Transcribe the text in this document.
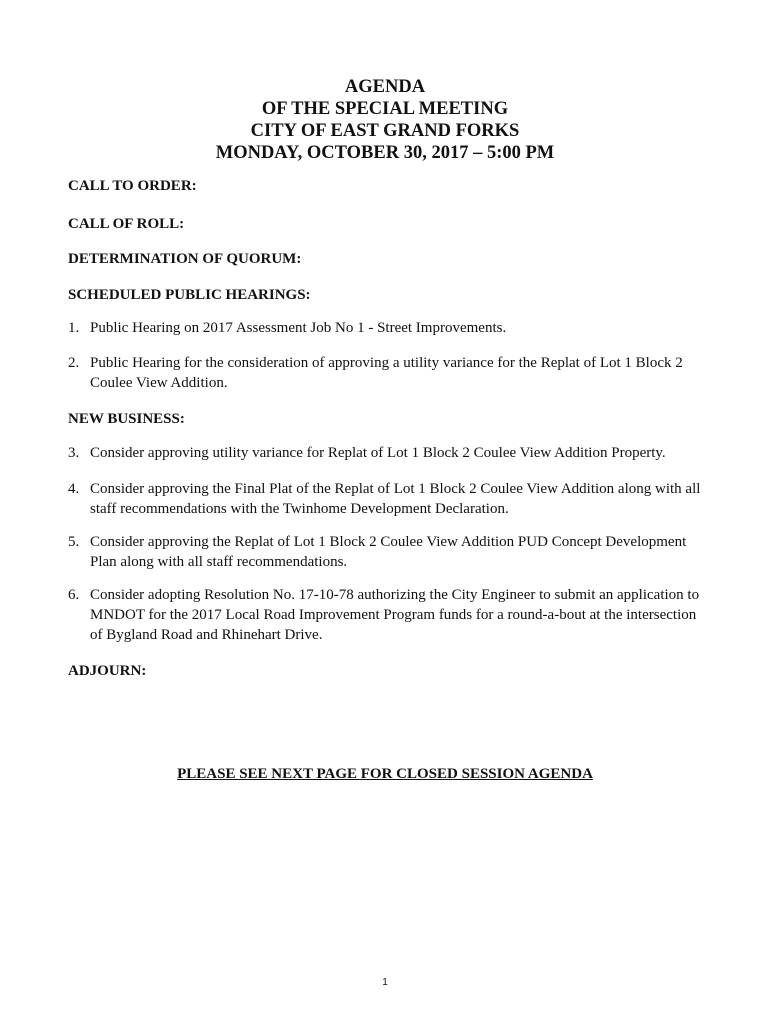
AGENDA
OF THE SPECIAL MEETING
CITY OF EAST GRAND FORKS
MONDAY, OCTOBER 30, 2017 – 5:00 PM
CALL TO ORDER:
CALL OF ROLL:
DETERMINATION OF QUORUM:
SCHEDULED PUBLIC HEARINGS:
1. Public Hearing on 2017 Assessment Job No 1 - Street Improvements.
2. Public Hearing for the consideration of approving a utility variance for the Replat of Lot 1 Block 2
Coulee View Addition.
NEW BUSINESS:
3. Consider approving utility variance for Replat of Lot 1 Block 2 Coulee View Addition Property.
4. Consider approving the Final Plat of the Replat of Lot 1 Block 2 Coulee View Addition along with all
staff recommendations with the Twinhome Development Declaration.
5. Consider approving the Replat of Lot 1 Block 2 Coulee View Addition PUD Concept Development
Plan along with all staff recommendations.
6. Consider adopting Resolution No. 17-10-78 authorizing the City Engineer to submit an application to
MNDOT for the 2017 Local Road Improvement Program funds for a round-a-bout at the intersection
of Bygland Road and Rhinehart Drive.
ADJOURN:
PLEASE SEE NEXT PAGE FOR CLOSED SESSION AGENDA
1
